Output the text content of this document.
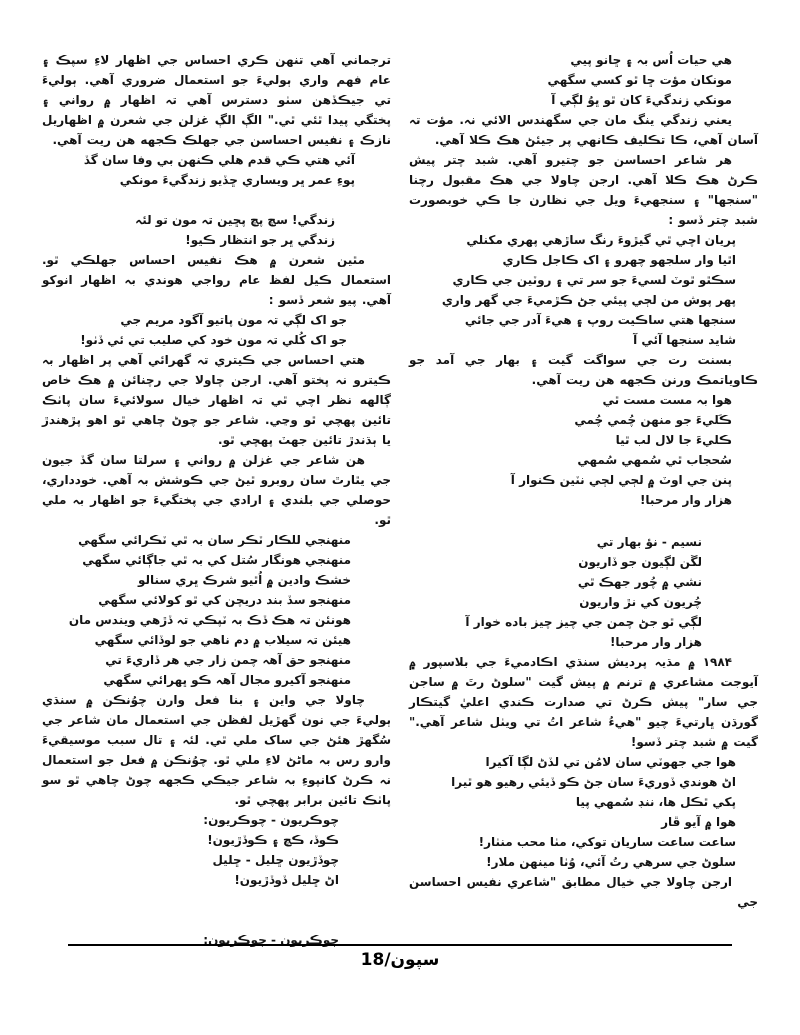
هي حيات اُس بہ ۽ ڇانو پيي
مونکان مؤت ڇا ٿو کسي سگهي
مونکي زندگيءَ کان ٿو ڀوُ لڳي آ

يعني زندگي ينگ مان جي سگهندس الائي نہ. مؤت تہ آسان آهي، ڪا تڪليف ڪانهي پر جيئڻ هڪ ڪلا آهي.

هر شاعر احساسن جو چتيرو آهي. شبد چتر پيش ڪرڻ هڪ ڪلا آهي. ارجن چاولا جي هڪ مقبول رچنا "سنجها" ۽ سنجهيءَ ويل جي نظارن جا ڪي خوبصورت شبد چتر ڏسو :

پريان اچي ٿي گيڙوءَ رنگ ساڙهي پهري مکنلي
اٿيا وار سلجهو چهرو ۽ اک ڪاجل ڪاري
سڪٿو ٿوٽ لسيءَ جو سر تي ۽ روٽين جي ڪاري
پهر پوش من لڄي پيئي جڻ ڪڙميءَ جي گهر واري
سنجها هتي ساڪيت روپ ۽ هيءَ آدر جي جائي
شايد سنجها آئي آ

بسنت رت جي سواگت گيت ۽ بهار جي آمد جو ڪاوياتمڪ ورنن ڪجهه هن ريت آهي.

هوا بہ مست مست ٿي
ڪَليءَ جو منهن چُمي چُمي
ڪليءَ جا لال لب ٿيا
سُحجاب ٿي سُمهي سُمهي
پنن جي اوٽ ۾ لڄي لڄي نٽين ڪنوار آ
هزار وار مرحبا!
نسيم - نؤ بهار تي
لڱن لڳيون جو ڏاريون
نشي ۾ چُور جهڪ ٿي
چُريون کي نڙ واريون
لڳي ٿو جڻ چمن جي چيز چيز باده خوار آ
هزار وار مرحبا!

١٩٨۴ ۾ مڌيہ پرديش سنڌي اڪادميءَ جي بلاسپور ۾ آيوجت مشاعري ۾ ترنم ۾ پيش گيت "سلوڻ رتَ ۾ ساجن جي سار" پيش ڪرڻ تي صدارت ڪندي اعليٰ گيتڪار گورڌن ڀارتيءَ چيو "هيءُ شاعر اتُ تي ويٺل شاعر آهي." گيت ۾ شبد چتر ڏسو!

هوا جي جهوٽي سان لامُن تي لڏڻ لڳا آکيرا
اڻ هوندي ڏوريءَ سان جڻ ڪو ڏيئي رهيو هو ٿيرا
پکي ٿڪل ها، ننڊ سُمهي پيا
هوا ۾ آيو ڦار
ساعت ساعت ساريان توکي، مٺا محب منٺار!
سلوڻ جي سرهي رتُ آئي، وُٺا مينهن ملار!

ارجن چاولا جي خيال مطابق "شاعري نفيس احساسن جي

ترجماني آهي تنهن ڪري احساس جي اظهار لاءِ سپڪ ۽ عام فهم واري ٻوليءَ جو استعمال ضروري آهي. ٻوليءَ تي جيڪڏهن سٺو دسترس آهي تہ اظهار ۾ رواني ۽ پختگي پيدا ٿئي ٿي." الڳ الڳ غزلن جي شعرن ۾ اظهاريل نازڪ ۽ نفيس احساسن جي جهلڪ ڪجهه هن ريت آهي.

آئي هتي ڪي قدم هلي ڪنهن بي وفا سان گڏ
پوءِ عمر ڀر ويساري ڇڏيو زندگيءَ مونکي
زندگي! سچ پچ پڇين تہ مون تو لئہ
زندگي ڀر جو انتظار ڪيو!

مٿين شعرن ۾ هڪ نفيس احساس جهلڪي ٿو. استعمال ڪيل لفظ عام رواجي هوندي بہ اظهار انوکو آهي. پيو شعر ڏسو :

جو اک لڳي تہ مون پاتيو آگود مريم جي
جو اک کُلي تہ مون خود کي صليب تي ئي ڏٺو!

هتي احساس جي ڪيتري تہ گهرائي آهي پر اظهار بہ ڪيترو نہ پختو آهي. ارجن چاولا جي رچنائن ۾ هڪ خاص ڳالهه نظر اچي ٿي تہ اظهار خيال سولائيءَ سان پاٺڪ تائين پهچي ٿو وڃي. شاعر جو چوڻ چاهي ٿو اهو پڙهندڙ يا ٻڌندڙ تائين جهٽ پهچي ٿو.

هن شاعر جي غزلن ۾ رواني ۽ سرلتا سان گڏ جيون جي يٿارٿ سان روبرو ٿيڻ جي ڪوشش بہ آهي. خودداري، حوصلي جي بلندي ۽ ارادي جي پختگيءَ جو اظهار بہ ملي ٿو.

منهنجي للڪار ٽڪر سان بہ ٿي ٽڪرائي سگهي
منهنجي هونگار سُتل کي بہ ٿي جاڳائي سگهي
خشڪ وادين ۾ اُٿيو شرڪ ڀري سنالو
منهنجو سڏ بند دريچن کي ٿو کولائي سگهي
هونئن تہ هڪ ڏڪ بہ ٽپڪي تہ ڏڙهي ويندس مان
هيئن تہ سيلاب ۾ دم ناهي جو لوڏائي سگهي
منهنجو حق آهہ چمن زار جي هر ڏاريءَ تي
منهنجو آکيرو مجال آهہ ڪو ڀهرائي سگهي

چاولا جي واين ۽ بنا فعل وارن چوُنڪن ۾ سنڌي ٻوليءَ جي نون گهڙيل لفظن جي استعمال مان شاعر جي سُگهڙ هئڻ جي ساک ملي ٿي. لئہ ۽ تال سبب موسيقيءَ وارو رس بہ ماڻڻ لاءِ ملي ٿو. چوُنڪن ۾ فعل جو استعمال نہ ڪرڻ کانپوءِ بہ شاعر جيڪي ڪجهه چوڻ چاهي ٿو سو پاٺڪ تائين برابر پهچي ٿو.

چوڪريون - چوڪريون:
ڪوڏ، ڪچ ۽ ڪوڏڙيون!
چوڏڙيون ڇليل - ڇليل
اڻ ڇليل ڏوڏڙيون!
چوڪريون - چوڪريون:
سپون/18
